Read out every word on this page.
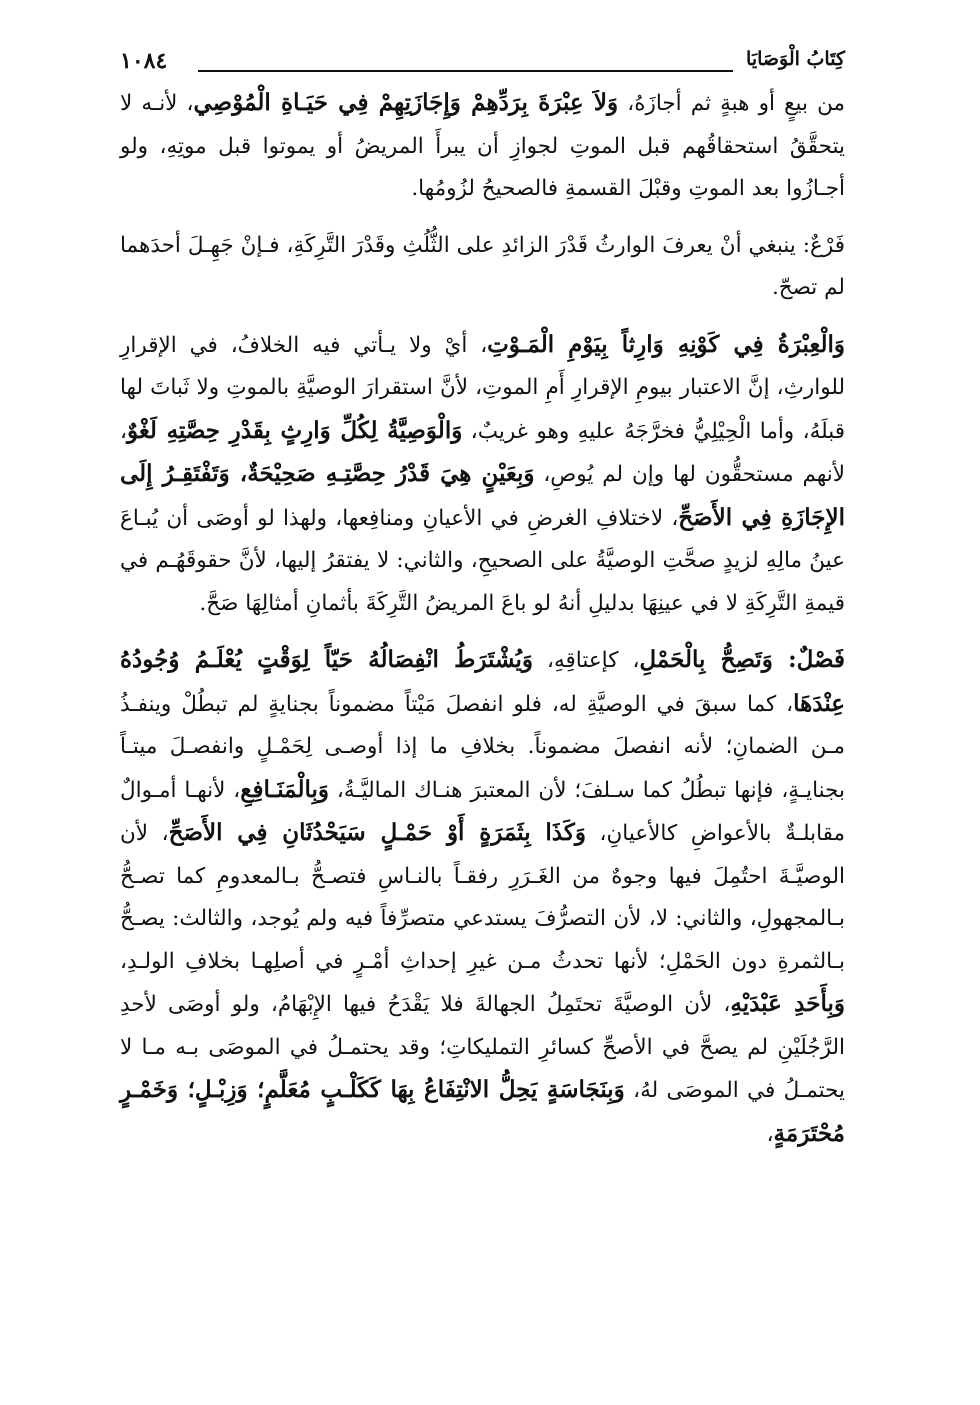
كِتَابُ الْوَصَايَا
١٠٨٤

من بيعٍ أو هبةٍ ثم أجازَهُ، وَلاَ عِبْرَةَ بِرَدِّهِمْ وَإِجَازَتِهِمْ فِي حَيَـاةِ الْمُوْصِي، لأنـه لا يتحقَّقُ استحقاقُهم قبل الموتِ لجوازِ أن يبرأَ المريضُ أو يموتوا قبل موتِهِ، ولو أجـازُوا بعد الموتِ وقبْلَ القسمةِ فالصحيحُ لزُومُها.

فَرْعٌ: ينبغي أنْ يعرفَ الوارثُ قَدْرَ الزائدِ على الثُّلُثِ وقَدْرَ التَّرِكَةِ، فـإنْ جَهِـلَ أحدَهما لم تصحّ.

وَالْعِبْرَةُ فِي كَوْنِهِ وَارِثاً بِيَوْمِ الْمَـوْتِ، أيْ ولا يـأتي فيه الخلافُ، في الإقرارِ للوارثِ، إنَّ الاعتبار بيومِ الإقرارِ أَمِ الموتِ، لأنَّ استقرارَ الوصيَّةِ بالموتِ ولا ثَباتَ لها قبلَهُ، وأما الْحِيْلِيُّ فخرَّجَهُ عليهِ وهو غريبٌ، وَالْوَصِيَّةُ لِكُلِّ وَارِثٍ بِقَدْرِ حِصَّتِهِ لَغْوٌ، لأنهم مستحقُّون لها وإن لم يُوصِ، وَبِعَيْنٍ هِيَ قَدْرُ حِصَّتِـهِ صَحِيْحَةٌ، وَتَفْتَقِـرُ إِلَى الإِجَازَةِ فِي الأَصَحِّ، لاختلافِ الغرضِ في الأعيانِ ومنافِعها، ولهذا لو أوصَى أن يُبـاعَ عينُ مالِهِ لزيدٍ صحَّتِ الوصيَّةُ على الصحيحِ، والثاني: لا يفتقرُ إليها، لأنَّ حقوقَهُـم في قيمةِ التَّرِكَةِ لا في عينِهَا بدليلِ أنهُ لو باعَ المريضُ التَّرِكَةَ بأثمانِ أمثالِهَا صَحَّ.

فَصْلٌ: وَتَصِحُّ بِالْحَمْلِ، كإعتاقِهِ، وَيُشْتَرَطُ انْفِصَالُهُ حَيّاً لِوَقْتٍ يُعْلَـمُ وُجُودُهُ عِنْدَهَا، كما سبقَ في الوصيَّةِ له، فلو انفصلَ مَيْتاً مضموناً بجنايةٍ لم تبطُلْ وينفـذُ مـن الضمانِ؛ لأنه انفصلَ مضموناً. بخلافِ ما إذا أوصـى لِحَمْـلٍ وانفصـلَ ميتـاً بجنايـةٍ، فإنها تبطُلُ كما سـلفَ؛ لأن المعتبرَ هنـاك الماليَّـةُ، وَبِالْمَنَـافِعِ، لأنهـا أمـوالٌ مقابلـةٌ بالأعواضِ كالأعيانِ، وَكَذَا بِثَمَرَةٍ أَوْ حَمْـلٍ سَيَحْدُثَانِ فِي الأَصَحِّ، لأن الوصيَّـةَ احتُمِلَ فيها وجوهٌ من الغَـرَرِ رفقـاً بالنـاسِ فتصـحُّ بـالمعدومِ كما تصـحُّ بـالمجهولِ، والثاني: لا، لأن التصرُّفَ يستدعي متصرِّفاً فيه ولم يُوجد، والثالث: يصـحُّ بـالثمرةِ دون الحَمْلِ؛ لأنها تحدثُ مـن غيرِ إحداثِ أمْـرٍ في أصلِهـا بخلافِ الولـدِ، وَبِأَحَدِ عَبْدَيْهِ، لأن الوصيَّةَ تحتَمِلُ الجهالةَ فلا يَقْدَحُ فيها الإِبْهَامُ، ولو أوصَى لأحدِ الرَّجُلَيْنِ لم يصحَّ في الأصحِّ كسائرِ التمليكاتِ؛ وقد يحتمـلُ في الموصَى بـه مـا لا يحتمـلُ في الموصَى لهُ، وَبِنَجَاسَةٍ يَحِلُّ الانْتِفَاعُ بِهَا كَكَلْـبٍ مُعَلَّمٍ؛ وَزِبْـلٍ؛ وَخَمْـرٍ مُحْتَرَمَةٍ،
